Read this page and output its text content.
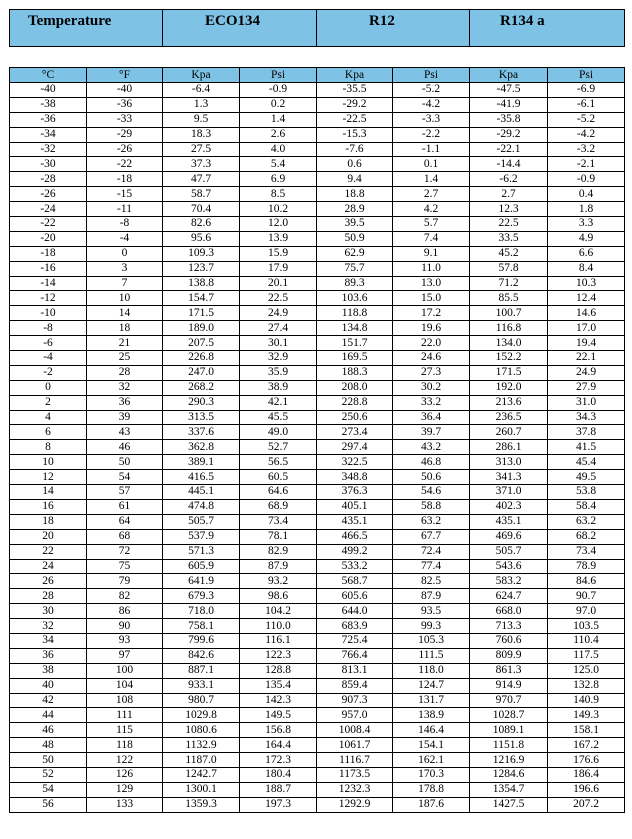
Temperature	ECO134	R12	R134 a
°C	°F	Kpa	Psi	Kpa	Psi	Kpa	Psi
-40	-40	-6.4	-0.9	-35.5	-5.2	-47.5	-6.9
-38	-36	1.3	0.2	-29.2	-4.2	-41.9	-6.1
-36	-33	9.5	1.4	-22.5	-3.3	-35.8	-5.2
-34	-29	18.3	2.6	-15.3	-2.2	-29.2	-4.2
-32	-26	27.5	4.0	-7.6	-1.1	-22.1	-3.2
-30	-22	37.3	5.4	0.6	0.1	-14.4	-2.1
-28	-18	47.7	6.9	9.4	1.4	-6.2	-0.9
-26	-15	58.7	8.5	18.8	2.7	2.7	0.4
-24	-11	70.4	10.2	28.9	4.2	12.3	1.8
-22	-8	82.6	12.0	39.5	5.7	22.5	3.3
-20	-4	95.6	13.9	50.9	7.4	33.5	4.9
-18	0	109.3	15.9	62.9	9.1	45.2	6.6
-16	3	123.7	17.9	75.7	11.0	57.8	8.4
-14	7	138.8	20.1	89.3	13.0	71.2	10.3
-12	10	154.7	22.5	103.6	15.0	85.5	12.4
-10	14	171.5	24.9	118.8	17.2	100.7	14.6
-8	18	189.0	27.4	134.8	19.6	116.8	17.0
-6	21	207.5	30.1	151.7	22.0	134.0	19.4
-4	25	226.8	32.9	169.5	24.6	152.2	22.1
-2	28	247.0	35.9	188.3	27.3	171.5	24.9
0	32	268.2	38.9	208.0	30.2	192.0	27.9
2	36	290.3	42.1	228.8	33.2	213.6	31.0
4	39	313.5	45.5	250.6	36.4	236.5	34.3
6	43	337.6	49.0	273.4	39.7	260.7	37.8
8	46	362.8	52.7	297.4	43.2	286.1	41.5
10	50	389.1	56.5	322.5	46.8	313.0	45.4
12	54	416.5	60.5	348.8	50.6	341.3	49.5
14	57	445.1	64.6	376.3	54.6	371.0	53.8
16	61	474.8	68.9	405.1	58.8	402.3	58.4
18	64	505.7	73.4	435.1	63.2	435.1	63.2
20	68	537.9	78.1	466.5	67.7	469.6	68.2
22	72	571.3	82.9	499.2	72.4	505.7	73.4
24	75	605.9	87.9	533.2	77.4	543.6	78.9
26	79	641.9	93.2	568.7	82.5	583.2	84.6
28	82	679.3	98.6	605.6	87.9	624.7	90.7
30	86	718.0	104.2	644.0	93.5	668.0	97.0
32	90	758.1	110.0	683.9	99.3	713.3	103.5
34	93	799.6	116.1	725.4	105.3	760.6	110.4
36	97	842.6	122.3	766.4	111.5	809.9	117.5
38	100	887.1	128.8	813.1	118.0	861.3	125.0
40	104	933.1	135.4	859.4	124.7	914.9	132.8
42	108	980.7	142.3	907.3	131.7	970.7	140.9
44	111	1029.8	149.5	957.0	138.9	1028.7	149.3
46	115	1080.6	156.8	1008.4	146.4	1089.1	158.1
48	118	1132.9	164.4	1061.7	154.1	1151.8	167.2
50	122	1187.0	172.3	1116.7	162.1	1216.9	176.6
52	126	1242.7	180.4	1173.5	170.3	1284.6	186.4
54	129	1300.1	188.7	1232.3	178.8	1354.7	196.6
56	133	1359.3	197.3	1292.9	187.6	1427.5	207.2
